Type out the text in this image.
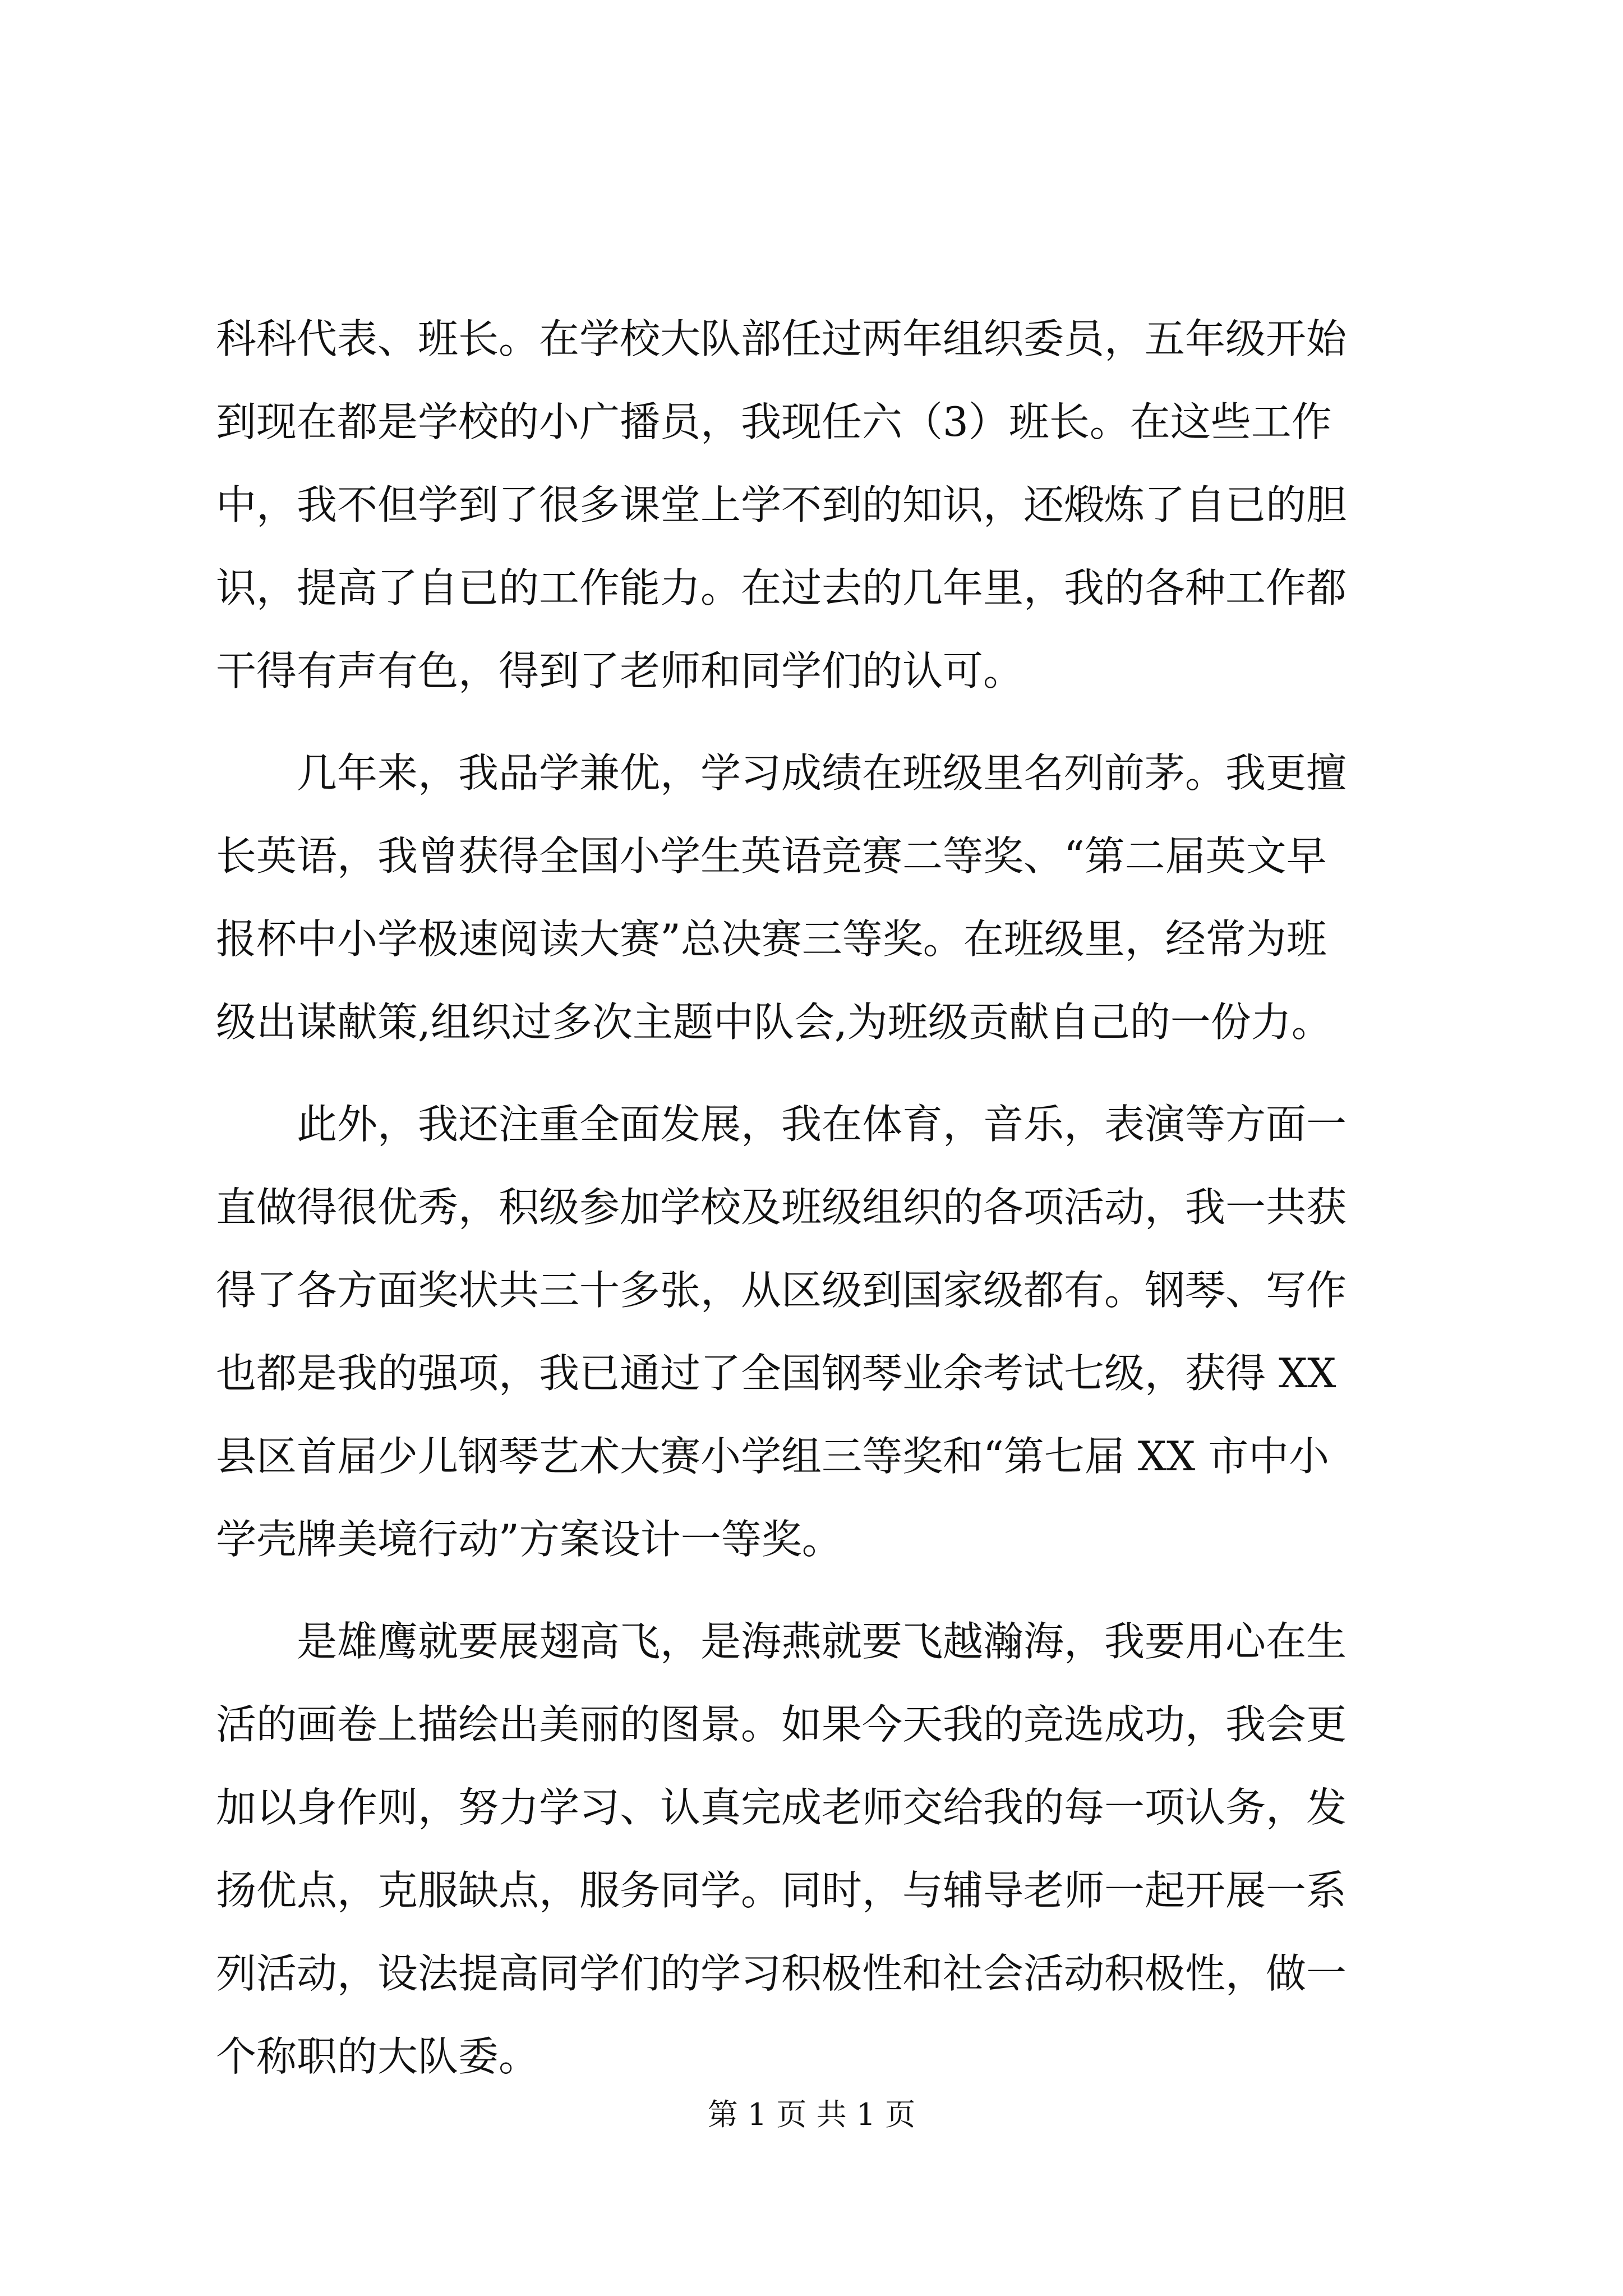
科科代表、班长。在学校大队部任过两年组织委员，五年级开始
到现在都是学校的小广播员，我现任六（3）班长。在这些工作
中，我不但学到了很多课堂上学不到的知识，还煅炼了自已的胆
识，提高了自已的工作能力。在过去的几年里，我的各种工作都
干得有声有色，得到了老师和同学们的认可。
几年来，我品学兼优，学习成绩在班级里名列前茅。我更擅
长英语，我曾获得全国小学生英语竞赛二等奖、“第二届英文早
报杯中小学极速阅读大赛”总决赛三等奖。在班级里，经常为班
级出谋献策,组织过多次主题中队会,为班级贡献自己的一份力。
此外，我还注重全面发展，我在体育，音乐，表演等方面一
直做得很优秀，积级参加学校及班级组织的各项活动，我一共获
得了各方面奖状共三十多张，从区级到国家级都有。钢琴、写作
也都是我的强项，我已通过了全国钢琴业余考试七级，获得 XX
县区首届少儿钢琴艺术大赛小学组三等奖和“第七届 XX 市中小
学壳牌美境行动”方案设计一等奖。
是雄鹰就要展翅高飞，是海燕就要飞越瀚海，我要用心在生
活的画卷上描绘出美丽的图景。如果今天我的竞选成功，我会更
加以身作则，努力学习、认真完成老师交给我的每一项认务，发
扬优点，克服缺点，服务同学。同时，与辅导老师一起开展一系
列活动，设法提高同学们的学习积极性和社会活动积极性，做一
个称职的大队委。
第 1 页 共 1 页
